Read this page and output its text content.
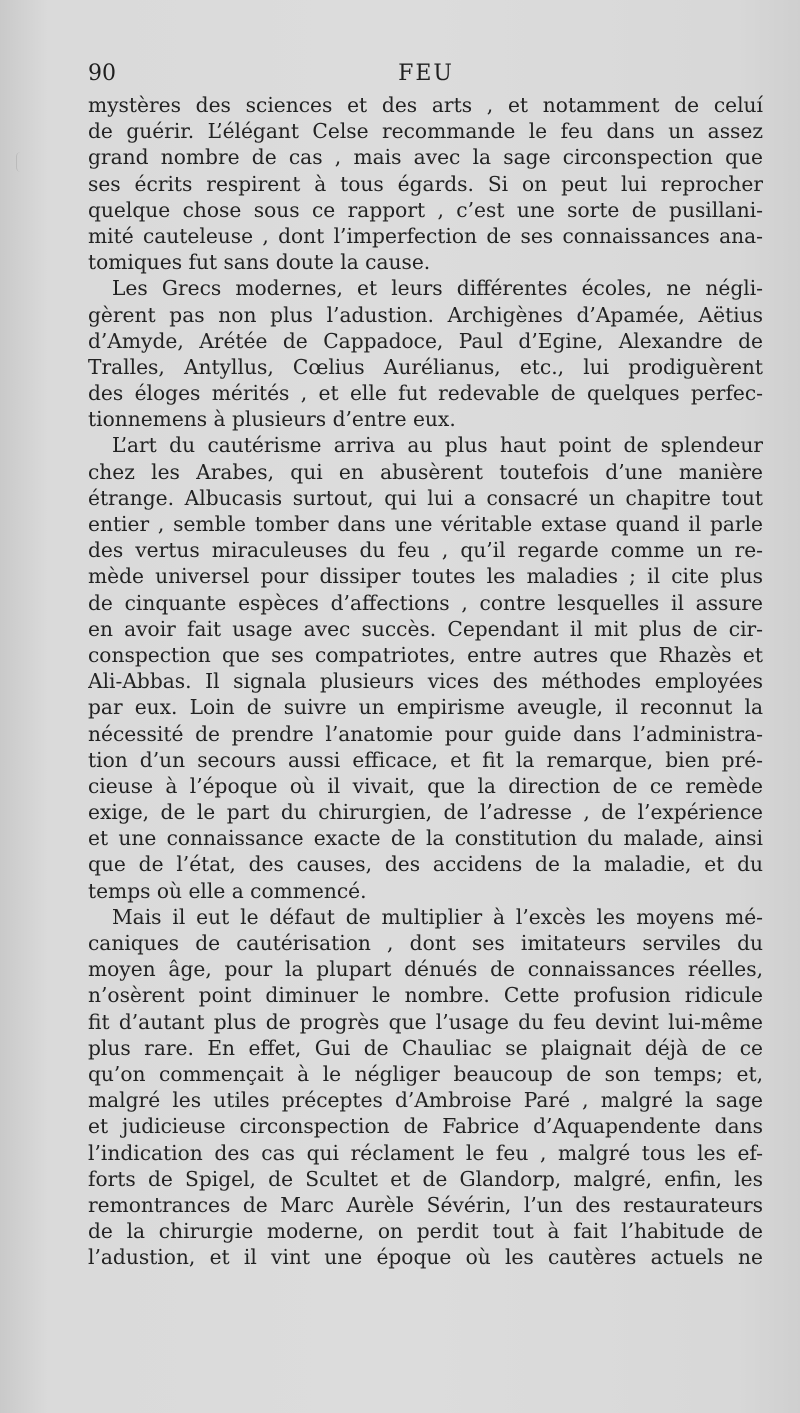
90	FEU
mystères des sciences et des arts , et notamment de celuí
de guérir. L’élégant Celse recommande le feu dans un assez
grand nombre de cas , mais avec la sage circonspection que
ses écrits respirent à tous égards. Si on peut lui reprocher
quelque chose sous ce rapport , c’est une sorte de pusillani-
mité cauteleuse , dont l’imperfection de ses connaissances ana-
tomiques fut sans doute la cause.
Les Grecs modernes, et leurs différentes écoles, ne négli-
gèrent pas non plus l’adustion. Archigènes d’Apamée, Aëtius
d’Amyde, Arétée de Cappadoce, Paul d’Egine, Alexandre de
Tralles, Antyllus, Cœlius Aurélianus, etc., lui prodiguèrent
des éloges mérités , et elle fut redevable de quelques perfec-
tionnemens à plusieurs d’entre eux.
L’art du cautérisme arriva au plus haut point de splendeur
chez les Arabes, qui en abusèrent toutefois d’une manière
étrange. Albucasis surtout, qui lui a consacré un chapitre tout
entier , semble tomber dans une véritable extase quand il parle
des vertus miraculeuses du feu , qu’il regarde comme un re-
mède universel pour dissiper toutes les maladies ; il cite plus
de cinquante espèces d’affections , contre lesquelles il assure
en avoir fait usage avec succès. Cependant il mit plus de cir-
conspection que ses compatriotes, entre autres que Rhazès et
Ali-Abbas. Il signala plusieurs vices des méthodes employées
par eux. Loin de suivre un empirisme aveugle, il reconnut la
nécessité de prendre l’anatomie pour guide dans l’administra-
tion d’un secours aussi efficace, et fit la remarque, bien pré-
cieuse à l’époque où il vivait, que la direction de ce remède
exige, de le part du chirurgien, de l’adresse , de l’expérience
et une connaissance exacte de la constitution du malade, ainsi
que de l’état, des causes, des accidens de la maladie, et du
temps où elle a commencé.
Mais il eut le défaut de multiplier à l’excès les moyens mé-
caniques de cautérisation , dont ses imitateurs serviles du
moyen âge, pour la plupart dénués de connaissances réelles,
n’osèrent point diminuer le nombre. Cette profusion ridicule
fit d’autant plus de progrès que l’usage du feu devint lui-même
plus rare. En effet, Gui de Chauliac se plaignait déjà de ce
qu’on commençait à le négliger beaucoup de son temps; et,
malgré les utiles préceptes d’Ambroise Paré , malgré la sage
et judicieuse circonspection de Fabrice d’Aquapendente dans
l’indication des cas qui réclament le feu , malgré tous les ef-
forts de Spigel, de Scultet et de Glandorp, malgré, enfin, les
remontrances de Marc Aurèle Sévérin, l’un des restaurateurs
de la chirurgie moderne, on perdit tout à fait l’habitude de
l’adustion, et il vint une époque où les cautères actuels ne
